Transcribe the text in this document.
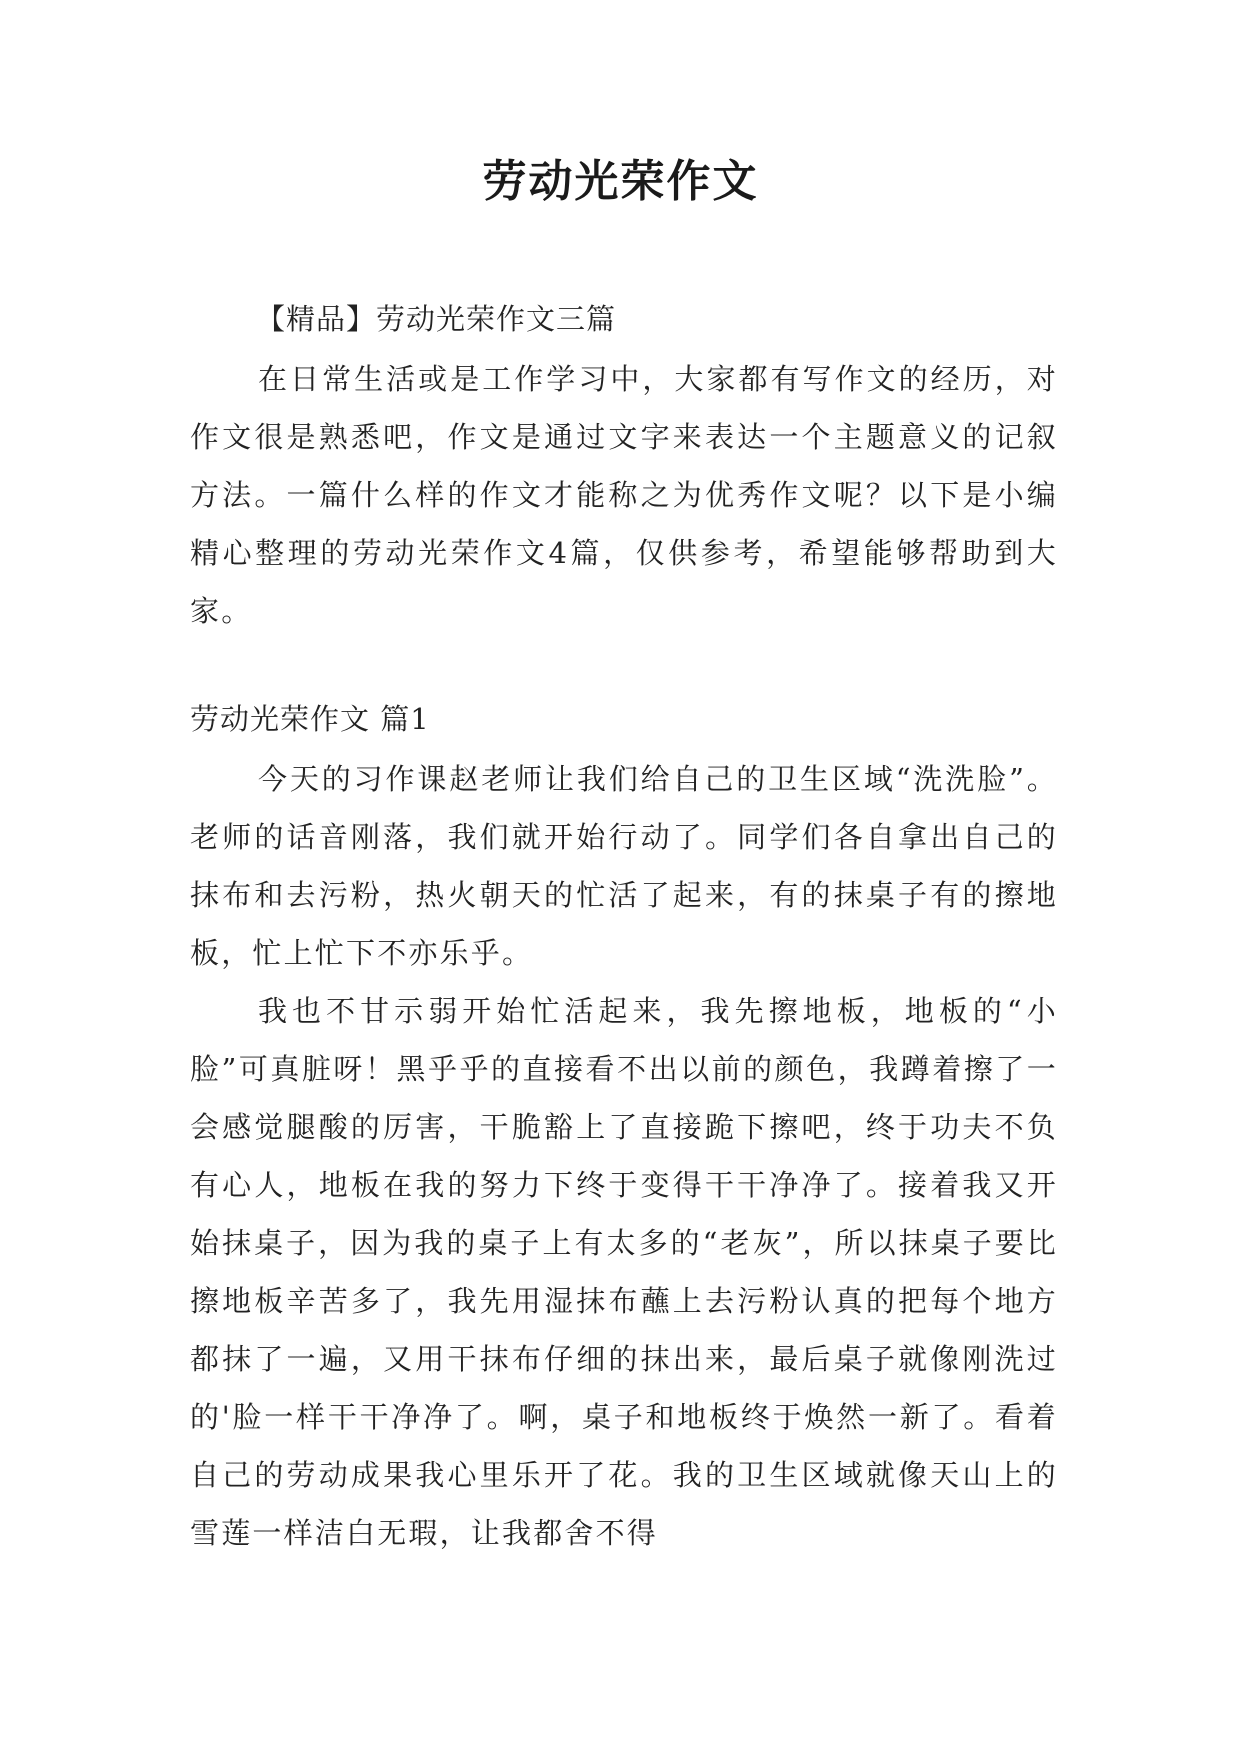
劳动光荣作文

【精品】劳动光荣作文三篇

在日常生活或是工作学习中，大家都有写作文的经历，对作文很是熟悉吧，作文是通过文字来表达一个主题意义的记叙方法。一篇什么样的作文才能称之为优秀作文呢？以下是小编精心整理的劳动光荣作文4篇，仅供参考，希望能够帮助到大家。

劳动光荣作文 篇1

今天的习作课赵老师让我们给自己的卫生区域“洗洗脸”。老师的话音刚落，我们就开始行动了。同学们各自拿出自己的抹布和去污粉，热火朝天的忙活了起来，有的抹桌子有的擦地板，忙上忙下不亦乐乎。

我也不甘示弱开始忙活起来，我先擦地板，地板的“小脸”可真脏呀！黑乎乎的直接看不出以前的颜色，我蹲着擦了一会感觉腿酸的厉害，干脆豁上了直接跪下擦吧，终于功夫不负有心人，地板在我的努力下终于变得干干净净了。接着我又开始抹桌子，因为我的桌子上有太多的“老灰”，所以抹桌子要比擦地板辛苦多了，我先用湿抹布蘸上去污粉认真的把每个地方都抹了一遍，又用干抹布仔细的抹出来，最后桌子就像刚洗过的'脸一样干干净净了。啊，桌子和地板终于焕然一新了。看着自己的劳动成果我心里乐开了花。我的卫生区域就像天山上的雪莲一样洁白无瑕，让我都舍不得
